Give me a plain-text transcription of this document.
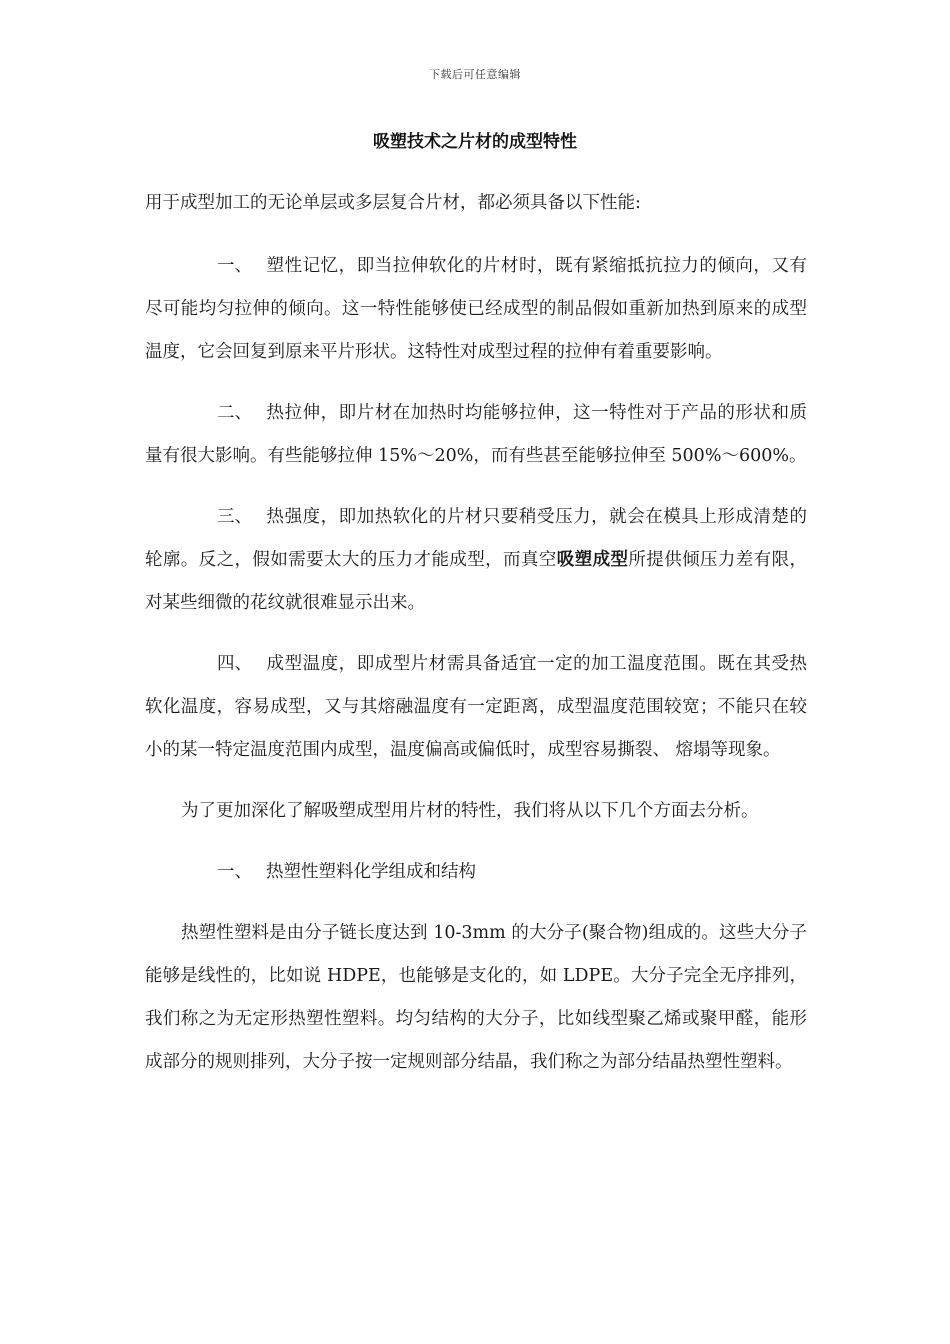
下载后可任意编辑
吸塑技术之片材的成型特性

用于成型加工的无论单层或多层复合片材，都必须具备以下性能:

一、 塑性记忆，即当拉伸软化的片材时，既有紧缩抵抗拉力的倾向，又有尽可能均匀拉伸的倾向。这一特性能够使已经成型的制品假如重新加热到原来的成型温度，它会回复到原来平片形状。这特性对成型过程的拉伸有着重要影响。

二、 热拉伸，即片材在加热时均能够拉伸，这一特性对于产品的形状和质量有很大影响。有些能够拉伸 15%～20%，而有些甚至能够拉伸至 500%～600%。

三、 热强度，即加热软化的片材只要稍受压力，就会在模具上形成清楚的轮廓。反之，假如需要太大的压力才能成型，而真空吸塑成型所提供倾压力差有限，对某些细微的花纹就很难显示出来。

四、 成型温度，即成型片材需具备适宜一定的加工温度范围。既在其受热软化温度，容易成型，又与其熔融温度有一定距离，成型温度范围较宽；不能只在较小的某一特定温度范围内成型，温度偏高或偏低时，成型容易撕裂、 熔塌等现象。

为了更加深化了解吸塑成型用片材的特性，我们将从以下几个方面去分析。

一、 热塑性塑料化学组成和结构

热塑性塑料是由分子链长度达到 10-3mm 的大分子(聚合物)组成的。这些大分子能够是线性的，比如说 HDPE，也能够是支化的，如 LDPE。大分子完全无序排列，我们称之为无定形热塑性塑料。均匀结构的大分子，比如线型聚乙烯或聚甲醛，能形成部分的规则排列，大分子按一定规则部分结晶，我们称之为部分结晶热塑性塑料。
